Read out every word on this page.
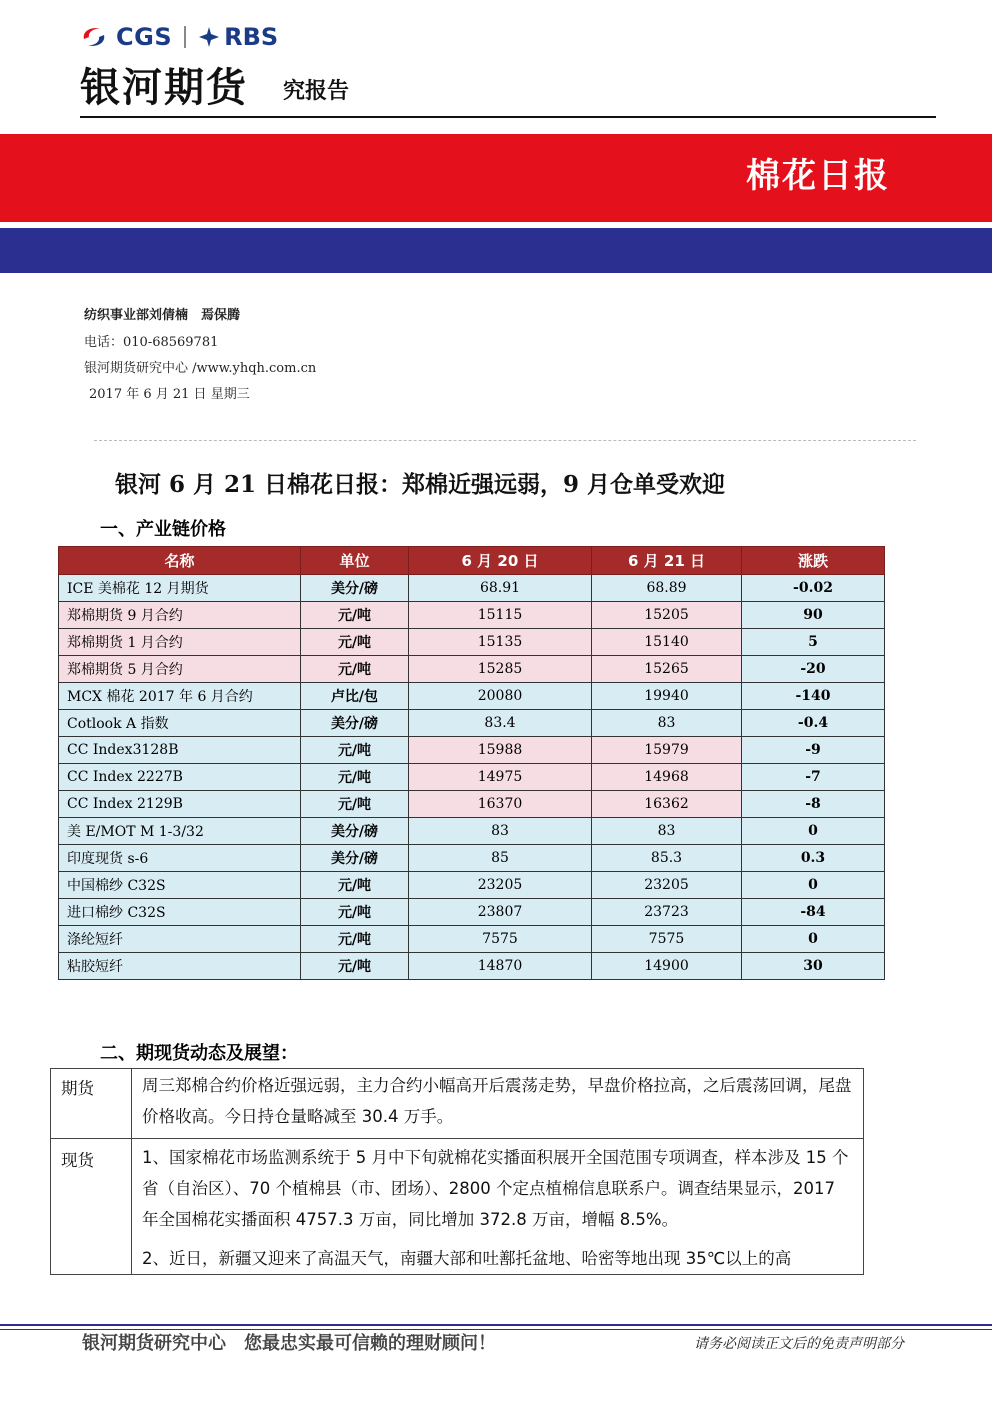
CGS RBS
银河期货 究报告
棉花日报
纺织事业部刘倩楠　焉保腾
电话：010-68569781
银河期货研究中心 /www.yhqh.com.cn
2017 年 6 月 21 日 星期三
银河 6 月 21 日棉花日报：郑棉近强远弱，9 月仓单受欢迎
一、产业链价格
名称	单位	6 月 20 日	6 月 21 日	涨跌
ICE 美棉花 12 月期货	美分/磅	68.91	68.89	-0.02
郑棉期货 9 月合约	元/吨	15115	15205	90
郑棉期货 1 月合约	元/吨	15135	15140	5
郑棉期货 5 月合约	元/吨	15285	15265	-20
MCX 棉花 2017 年 6 月合约	卢比/包	20080	19940	-140
Cotlook A 指数	美分/磅	83.4	83	-0.4
CC Index3128B	元/吨	15988	15979	-9
CC Index 2227B	元/吨	14975	14968	-7
CC Index 2129B	元/吨	16370	16362	-8
美 E/MOT M 1-3/32	美分/磅	83	83	0
印度现货 s-6	美分/磅	85	85.3	0.3
中国棉纱 C32S	元/吨	23205	23205	0
进口棉纱 C32S	元/吨	23807	23723	-84
涤纶短纤	元/吨	7575	7575	0
粘胶短纤	元/吨	14870	14900	30
二、期现货动态及展望：
期货	周三郑棉合约价格近强远弱，主力合约小幅高开后震荡走势，早盘价格拉高，之后震荡回调，尾盘价格收高。今日持仓量略减至 30.4 万手。

现货	1、国家棉花市场监测系统于 5 月中下旬就棉花实播面积展开全国范围专项调查，样本涉及 15 个省（自治区）、70 个植棉县（市、团场）、2800 个定点植棉信息联系户。调查结果显示，2017 年全国棉花实播面积 4757.3 万亩，同比增加 372.8 万亩，增幅 8.5%。

2、近日，新疆又迎来了高温天气，南疆大部和吐鄯托盆地、哈密等地出现 35℃以上的高

银河期货研究中心　您最忠实最可信赖的理财顾问！	请务必阅读正文后的免责声明部分
